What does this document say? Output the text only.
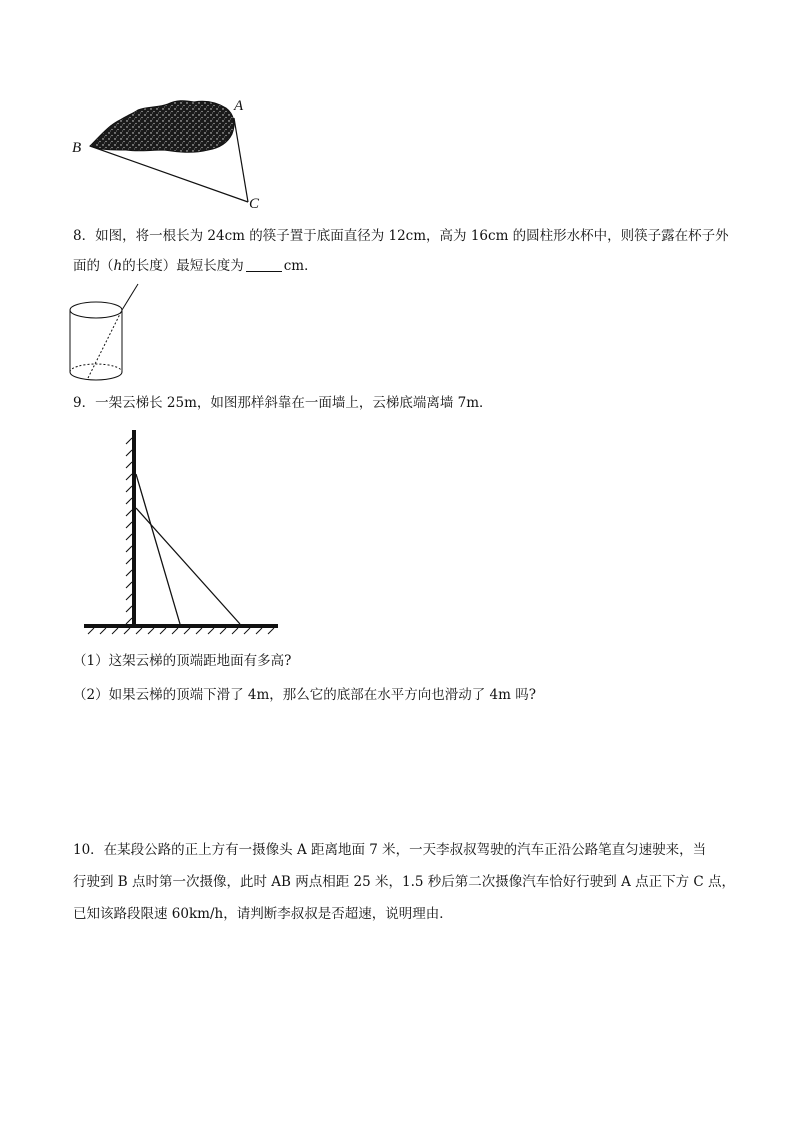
A
B
C
8．如图，将一根长为 24cm 的筷子置于底面直径为 12cm，高为 16cm 的圆柱形水杯中，则筷子露在杯子外
面的（h的长度）最短长度为	cm．
9．一架云梯长 25m，如图那样斜靠在一面墙上，云梯底端离墙 7m．
（1）这架云梯的顶端距地面有多高?
（2）如果云梯的顶端下滑了 4m，那么它的底部在水平方向也滑动了 4m 吗?
10．在某段公路的正上方有一摄像头 A 距离地面 7 米，一天李叔叔驾驶的汽车正沿公路笔直匀速驶来，当
行驶到 B 点时第一次摄像，此时 AB 两点相距 25 米，1.5 秒后第二次摄像汽车恰好行驶到 A 点正下方 C 点，
已知该路段限速 60km/h，请判断李叔叔是否超速，说明理由．
